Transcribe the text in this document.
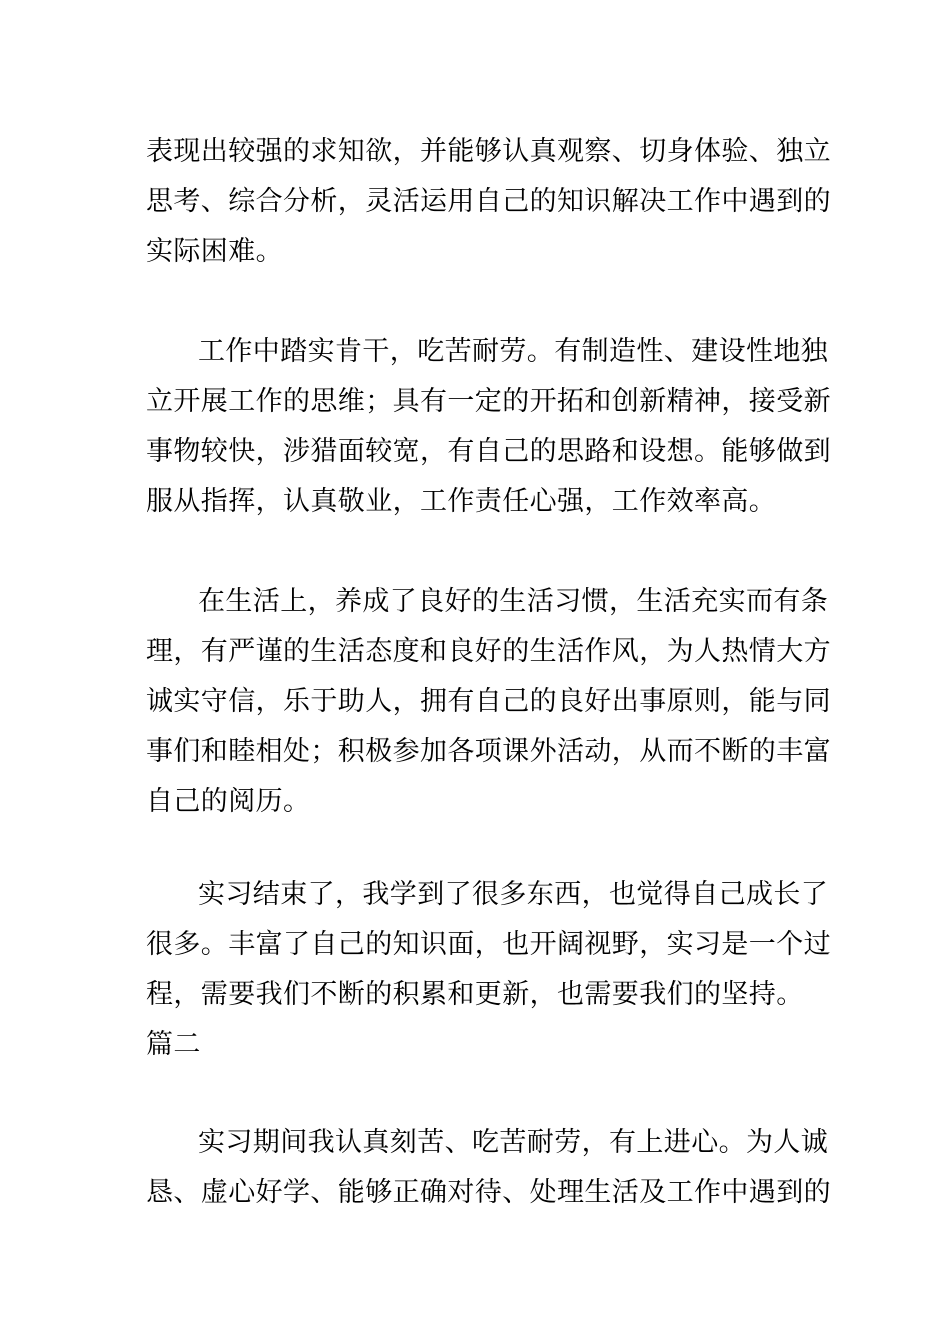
表现出较强的求知欲，并能够认真观察、切身体验、独立
思考、综合分析，灵活运用自己的知识解决工作中遇到的
实际困难。
工作中踏实肯干，吃苦耐劳。有制造性、建设性地独
立开展工作的思维；具有一定的开拓和创新精神，接受新
事物较快，涉猎面较宽，有自己的思路和设想。能够做到
服从指挥，认真敬业，工作责任心强，工作效率高。
在生活上，养成了良好的生活习惯，生活充实而有条
理，有严谨的生活态度和良好的生活作风，为人热情大方
诚实守信，乐于助人，拥有自己的良好出事原则，能与同
事们和睦相处；积极参加各项课外活动，从而不断的丰富
自己的阅历。
实习结束了，我学到了很多东西，也觉得自己成长了
很多。丰富了自己的知识面，也开阔视野，实习是一个过
程，需要我们不断的积累和更新，也需要我们的坚持。
篇二
实习期间我认真刻苦、吃苦耐劳，有上进心。为人诚
恳、虚心好学、能够正确对待、处理生活及工作中遇到的
